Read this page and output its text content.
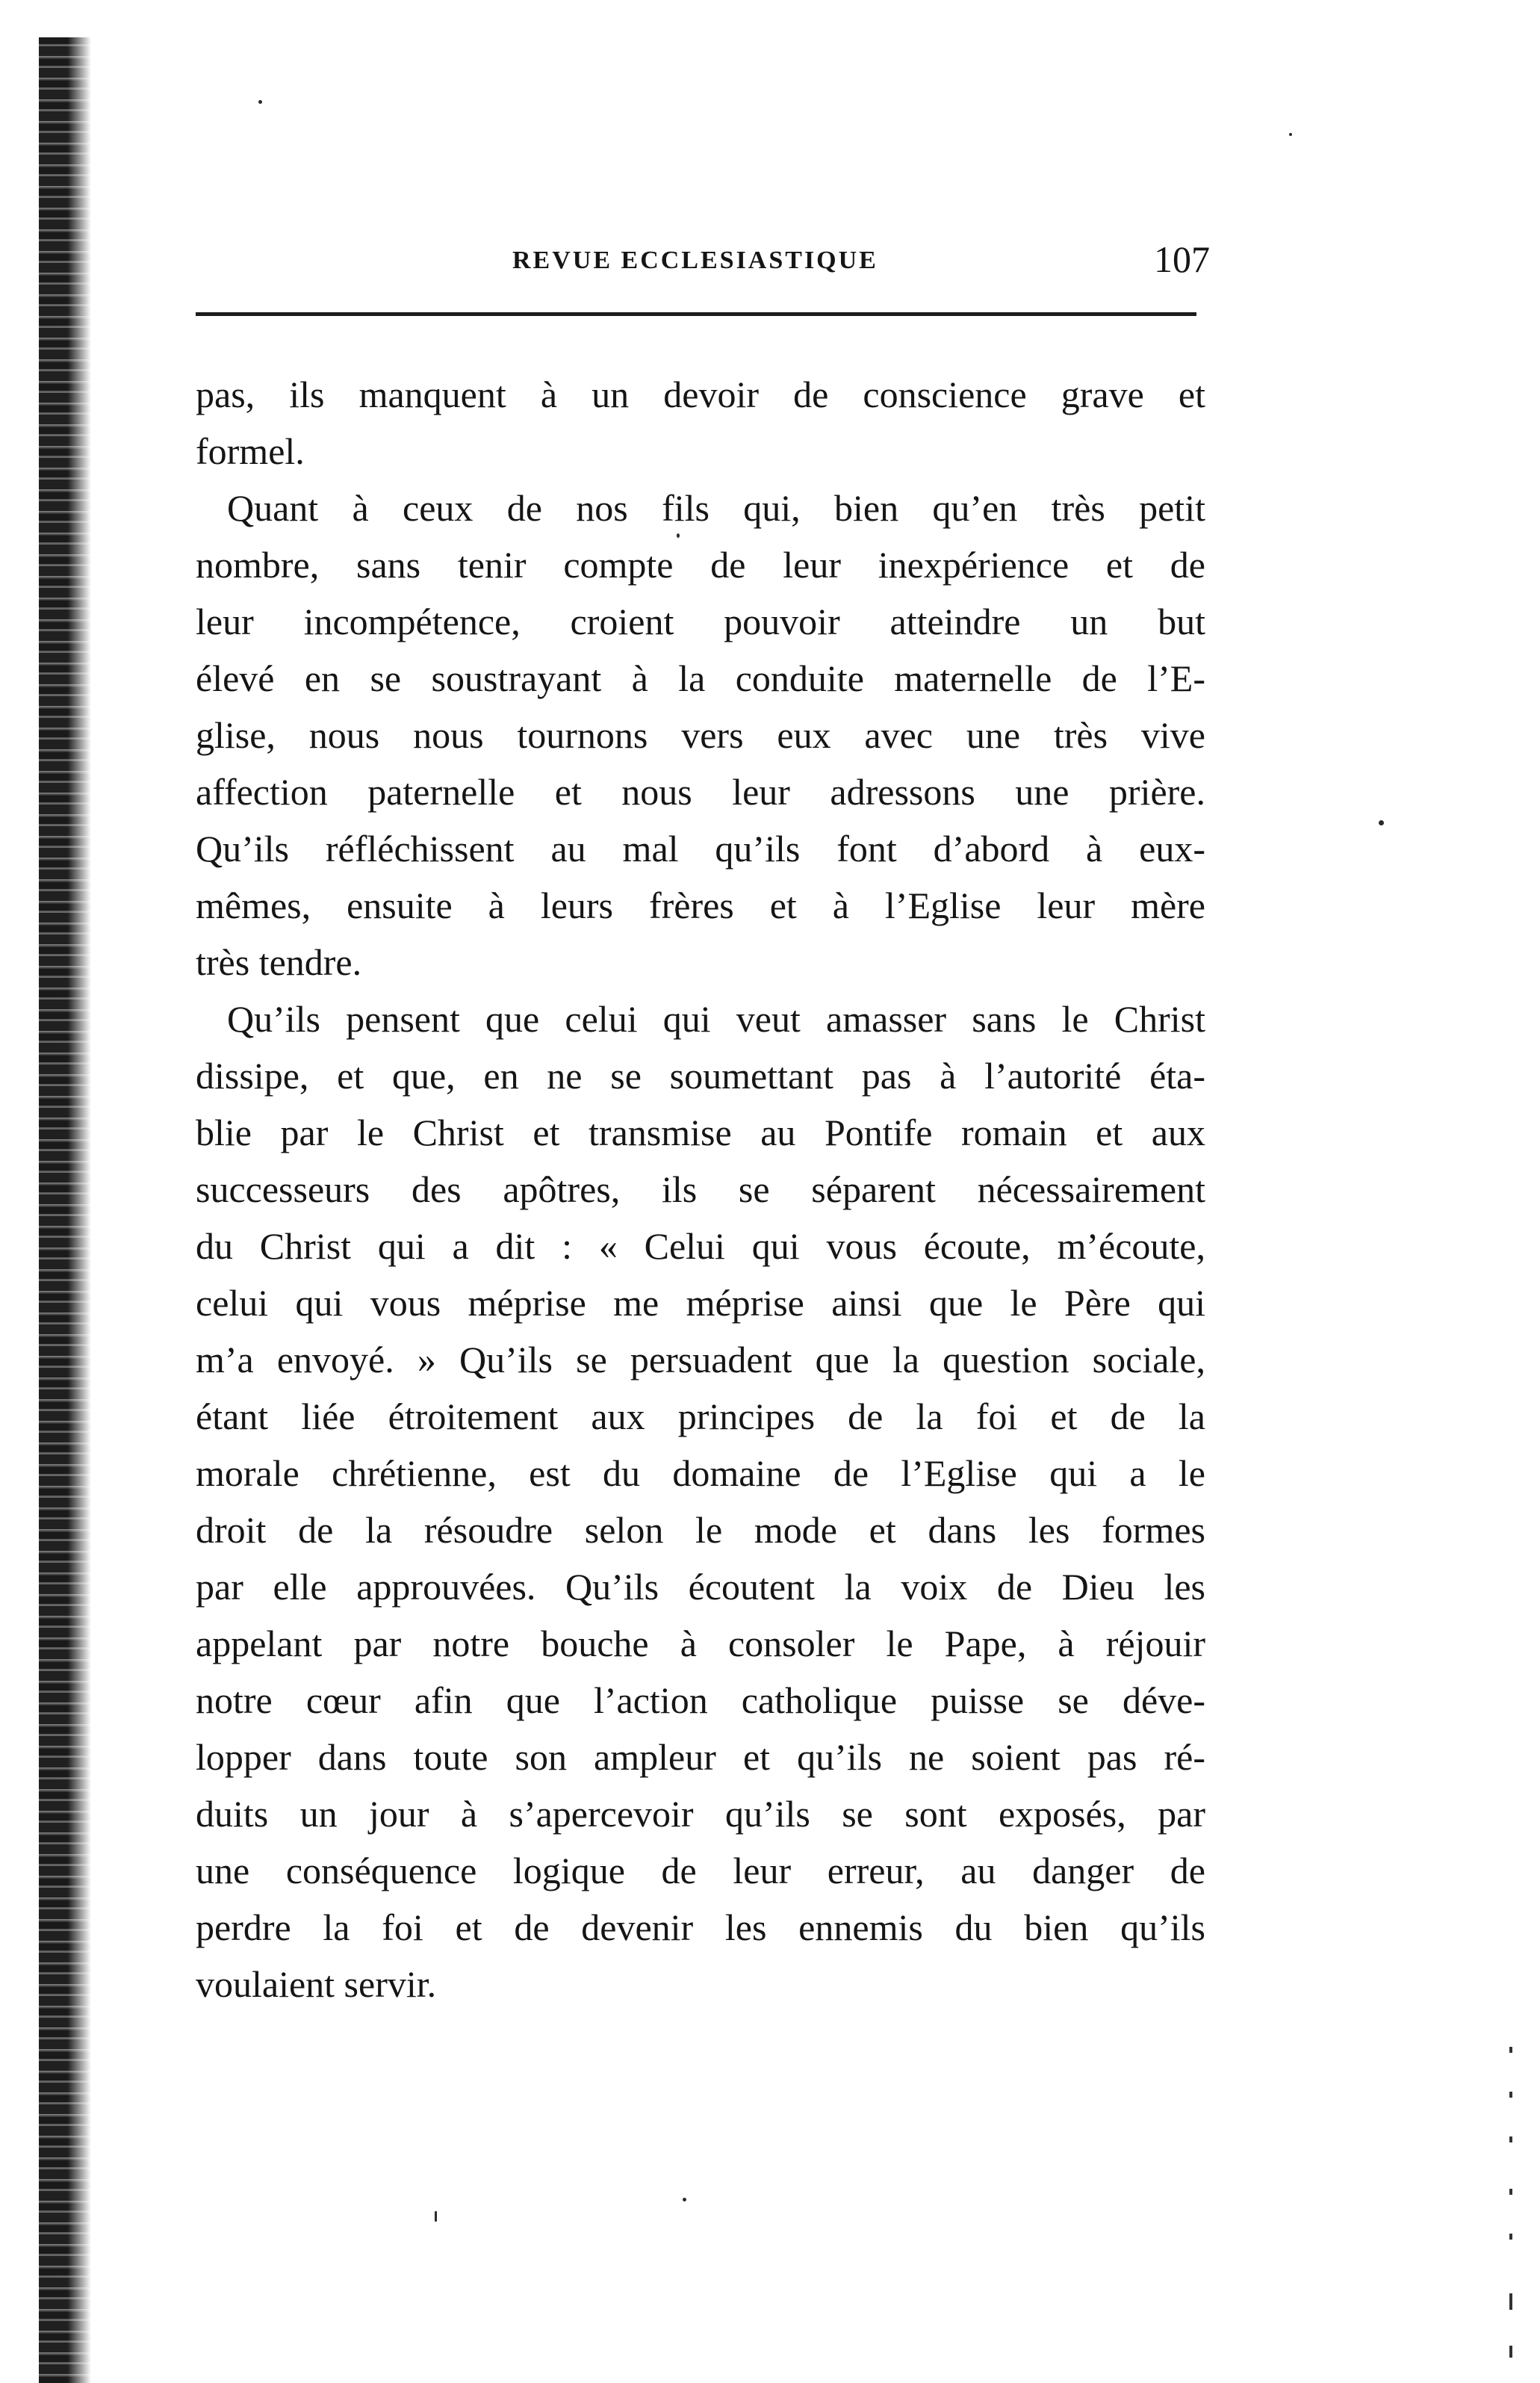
REVUE ECCLESIASTIQUE	107
pas, ils manquent à un devoir de conscience grave et
formel.
Quant à ceux de nos fils qui, bien qu’en très petit
nombre, sans tenir compte de leur inexpérience et de
leur incompétence, croient pouvoir atteindre un but
élevé en se soustrayant à la conduite maternelle de l’E-
glise, nous nous tournons vers eux avec une très vive
affection paternelle et nous leur adressons une prière.
Qu’ils réfléchissent au mal qu’ils font d’abord à eux-
mêmes, ensuite à leurs frères et à l’Eglise leur mère
très tendre.
Qu’ils pensent que celui qui veut amasser sans le Christ
dissipe, et que, en ne se soumettant pas à l’autorité éta-
blie par le Christ et transmise au Pontife romain et aux
successeurs des apôtres, ils se séparent nécessairement
du Christ qui a dit : « Celui qui vous écoute, m’écoute,
celui qui vous méprise me méprise ainsi que le Père qui
m’a envoyé. » Qu’ils se persuadent que la question sociale,
étant liée étroitement aux principes de la foi et de la
morale chrétienne, est du domaine de l’Eglise qui a le
droit de la résoudre selon le mode et dans les formes
par elle approuvées. Qu’ils écoutent la voix de Dieu les
appelant par notre bouche à consoler le Pape, à réjouir
notre cœur afin que l’action catholique puisse se déve-
lopper dans toute son ampleur et qu’ils ne soient pas ré-
duits un jour à s’apercevoir qu’ils se sont exposés, par
une conséquence logique de leur erreur, au danger de
perdre la foi et de devenir les ennemis du bien qu’ils
voulaient servir.
